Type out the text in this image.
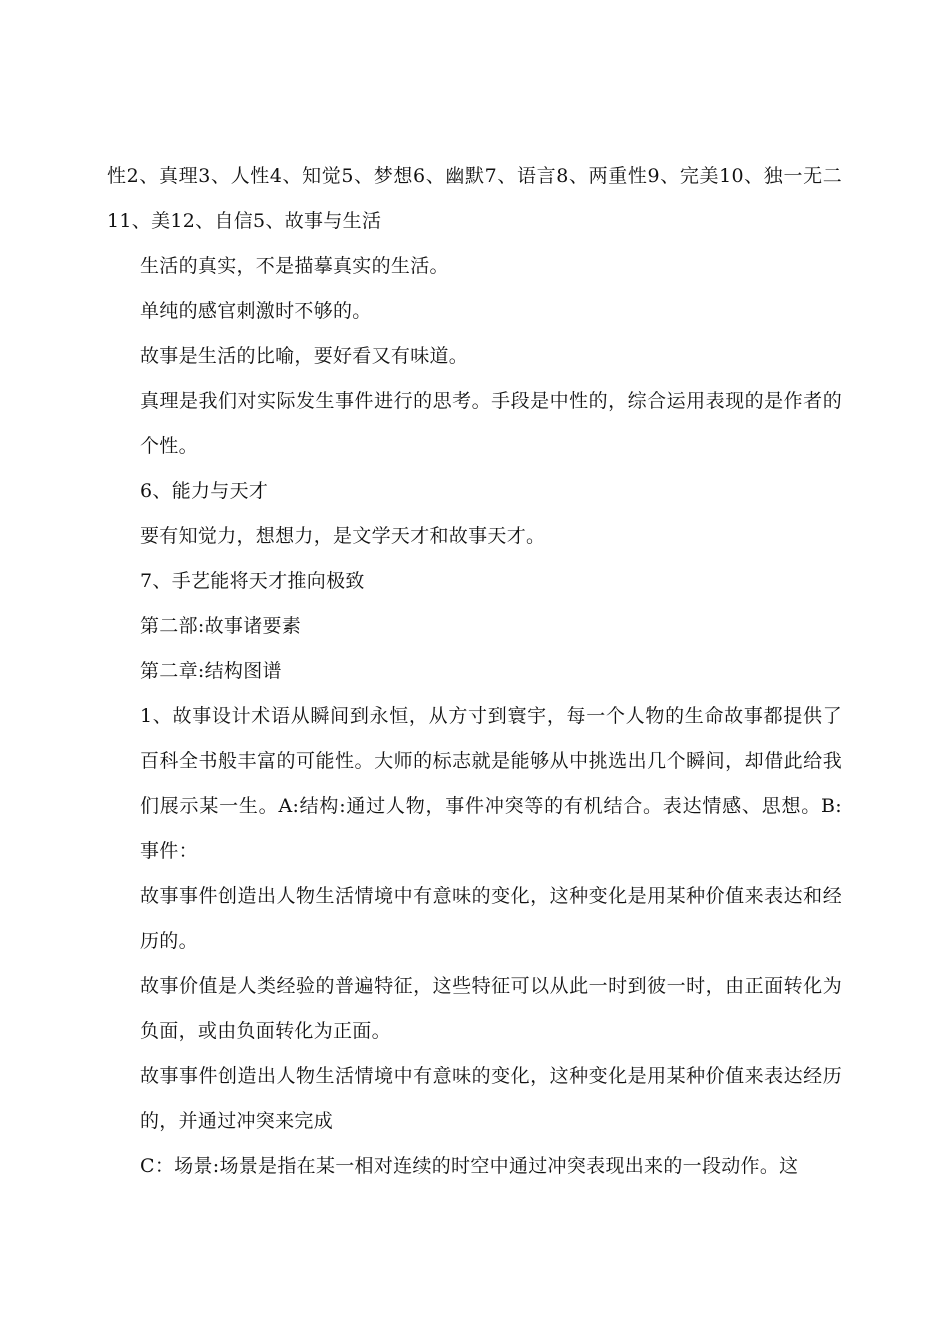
性2、真理3、人性4、知觉5、梦想6、幽默7、语言8、两重性9、完美10、独一无二11、美12、自信5、故事与生活

生活的真实，不是描摹真实的生活。

单纯的感官刺激时不够的。

故事是生活的比喻，要好看又有味道。

真理是我们对实际发生事件进行的思考。手段是中性的，综合运用表现的是作者的个性。

6、能力与天才

要有知觉力，想想力，是文学天才和故事天才。

7、手艺能将天才推向极致

第二部:故事诸要素

第二章:结构图谱

1、故事设计术语从瞬间到永恒，从方寸到寰宇，每一个人物的生命故事都提供了百科全书般丰富的可能性。大师的标志就是能够从中挑选出几个瞬间，却借此给我们展示某一生。A:结构:通过人物，事件冲突等的有机结合。表达情感、思想。B:事件：

故事事件创造出人物生活情境中有意味的变化，这种变化是用某种价值来表达和经历的。

故事价值是人类经验的普遍特征，这些特征可以从此一时到彼一时，由正面转化为负面，或由负面转化为正面。

故事事件创造出人物生活情境中有意味的变化，这种变化是用某种价值来表达经历的，并通过冲突来完成

C：场景:场景是指在某一相对连续的时空中通过冲突表现出来的一段动作。这
